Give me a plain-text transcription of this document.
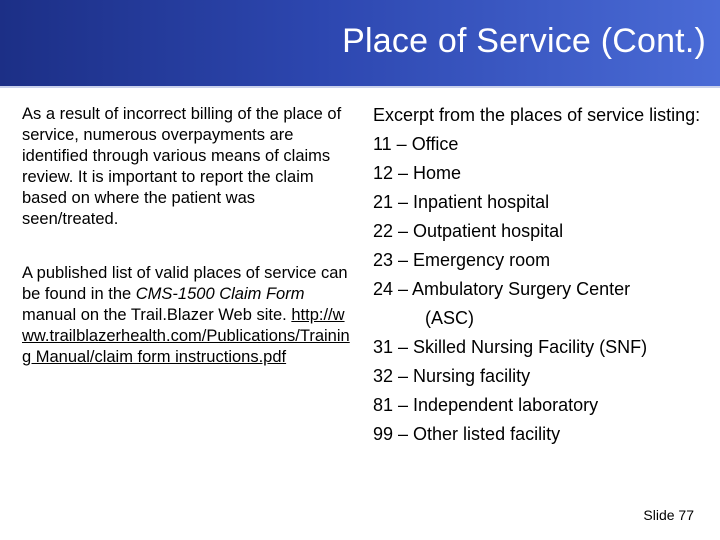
Place of Service (Cont.)

As a result of incorrect billing of the place of service, numerous overpayments are identified through various means of claims review. It is important to report the claim based on where the patient was seen/treated.

A published list of valid places of service can be found in the CMS-1500 Claim Form manual on the Trail.Blazer Web site. http://www.trailblazerhealth.com/Publications/Training Manual/claim form instructions.pdf

Excerpt from the places of service listing:
11 – Office
12 – Home
21 – Inpatient hospital
22 – Outpatient hospital
23 – Emergency room
24 – Ambulatory Surgery Center
(ASC)
31 – Skilled Nursing Facility (SNF)
32 – Nursing facility
81 – Independent laboratory
99 – Other listed facility
Slide 77
